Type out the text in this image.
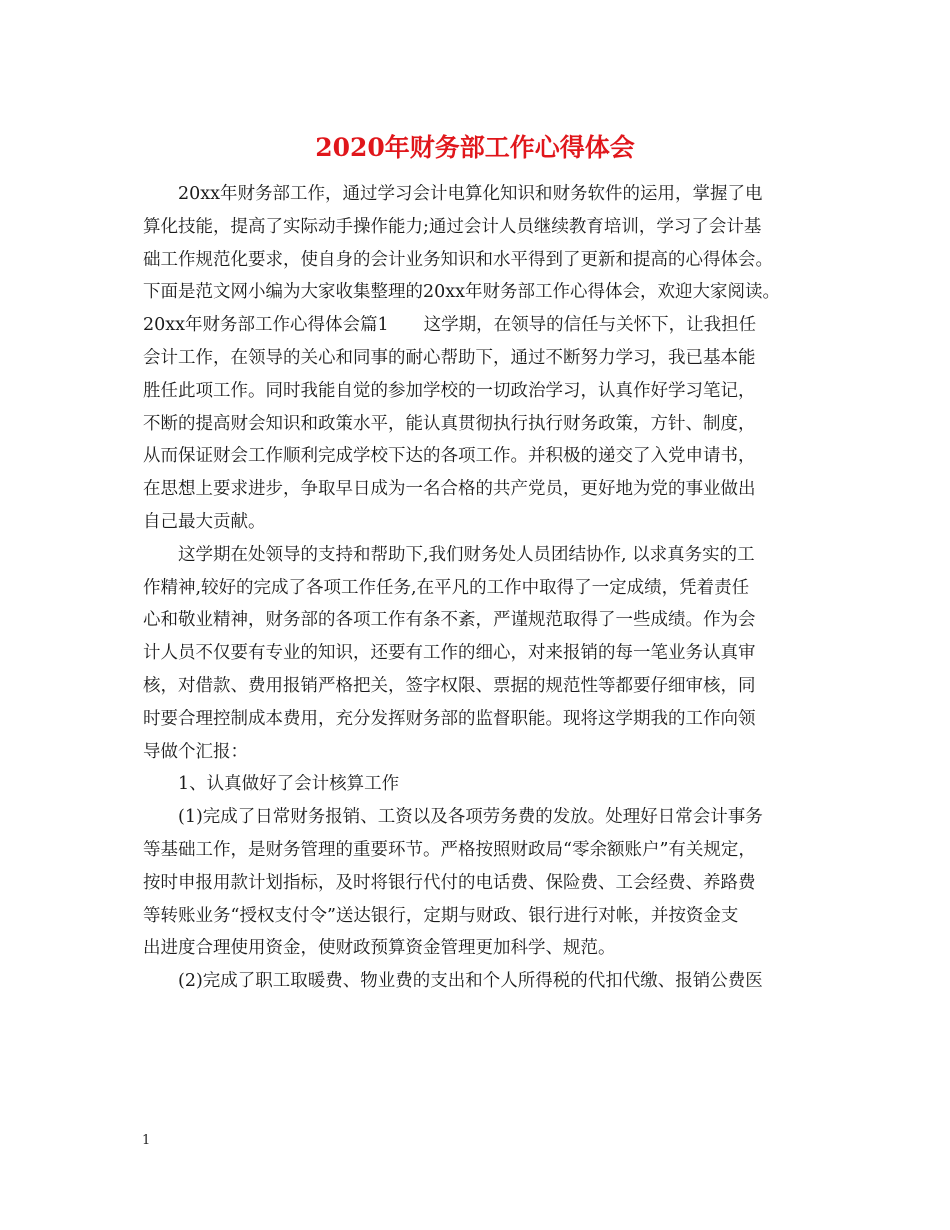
2020年财务部工作心得体会
20xx年财务部工作，通过学习会计电算化知识和财务软件的运用，掌握了电
算化技能，提高了实际动手操作能力;通过会计人员继续教育培训，学习了会计基
础工作规范化要求，使自身的会计业务知识和水平得到了更新和提高的心得体会。
下面是范文网小编为大家收集整理的20xx年财务部工作心得体会，欢迎大家阅读。
20xx年财务部工作心得体会篇1　　这学期，在领导的信任与关怀下，让我担任
会计工作，在领导的关心和同事的耐心帮助下，通过不断努力学习，我已基本能
胜任此项工作。同时我能自觉的参加学校的一切政治学习，认真作好学习笔记，
不断的提高财会知识和政策水平，能认真贯彻执行执行财务政策，方针、制度，
从而保证财会工作顺利完成学校下达的各项工作。并积极的递交了入党申请书，
在思想上要求进步，争取早日成为一名合格的共产党员，更好地为党的事业做出
自己最大贡献。
这学期在处领导的支持和帮助下,我们财务处人员团结协作, 以求真务实的工
作精神,较好的完成了各项工作任务,在平凡的工作中取得了一定成绩，凭着责任
心和敬业精神，财务部的各项工作有条不紊，严谨规范取得了一些成绩。作为会
计人员不仅要有专业的知识，还要有工作的细心，对来报销的每一笔业务认真审
核，对借款、费用报销严格把关，签字权限、票据的规范性等都要仔细审核，同
时要合理控制成本费用，充分发挥财务部的监督职能。现将这学期我的工作向领
导做个汇报：
1、认真做好了会计核算工作
(1)完成了日常财务报销、工资以及各项劳务费的发放。处理好日常会计事务
等基础工作，是财务管理的重要环节。严格按照财政局“零余额账户”有关规定，
按时申报用款计划指标，及时将银行代付的电话费、保险费、工会经费、养路费
等转账业务“授权支付令”送达银行，定期与财政、银行进行对帐，并按资金支
出进度合理使用资金，使财政预算资金管理更加科学、规范。
(2)完成了职工取暖费、物业费的支出和个人所得税的代扣代缴、报销公费医
1
